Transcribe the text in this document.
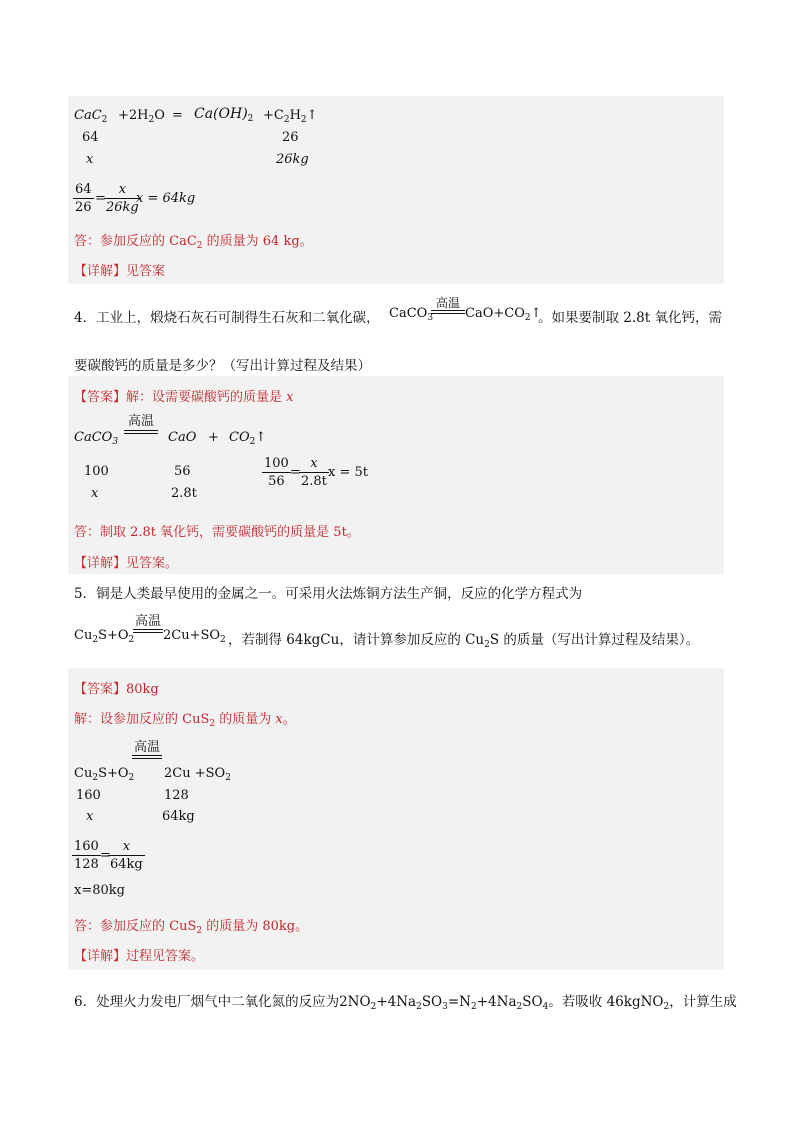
$CaC_2 +2H_2O = Ca(OH)_2$ $+C_2H_2↑$
64	26
x	26kg
$\frac{64}{26}$ =
$\frac{x}{26kg}$
x = 64kg
答：参加反应的 CaC$_2$ 的质量为 64 kg。
【详解】见答案
4．工业上，煅烧石灰石可制得生石灰和二氧化碳， CaCO$_3$
高温
$CaO+CO_2↑$
。如果要制取 2.8t 氧化钙，需
要碳酸钙的质量是多少？（写出计算过程及结果）
【答案】解：设需要碳酸钙的质量是 x
CaCO$_3$
高温
CaO + $CO_2↑$
100	56
x	2.8t
$\frac{100}{56}$ =
$\frac{x}{2.8t}$ x = 5t
答：制取 2.8t 氧化钙，需要碳酸钙的质量是 5t。
【详解】见答案。
5．铜是人类最早使用的金属之一。可采用火法炼铜方法生产铜，反应的化学方程式为
$Cu_2S+O_2$
高温
$2Cu+SO_2$ ，若制得 64kgCu，请计算参加反应的 $Cu_2S$ 的质量（写出计算过程及结果）。
【答案】80kg
解：设参加反应的 CuS$_2$ 的质量为 x。
高温
$Cu_2S+O_2$ $2Cu +SO_2$
160	128
x	64kg
$\frac{160}{128}$ =
$\frac{x}{64kg}$
x=80kg
答：参加反应的 CuS$_2$ 的质量为 80kg。
【详解】过程见答案。
6．处理火力发电厂烟气中二氧化氮的反应为$2NO_2+4Na_2SO_3=N_2+4Na_2SO_4$。若吸收 46kgNO$_2$，计算生成
